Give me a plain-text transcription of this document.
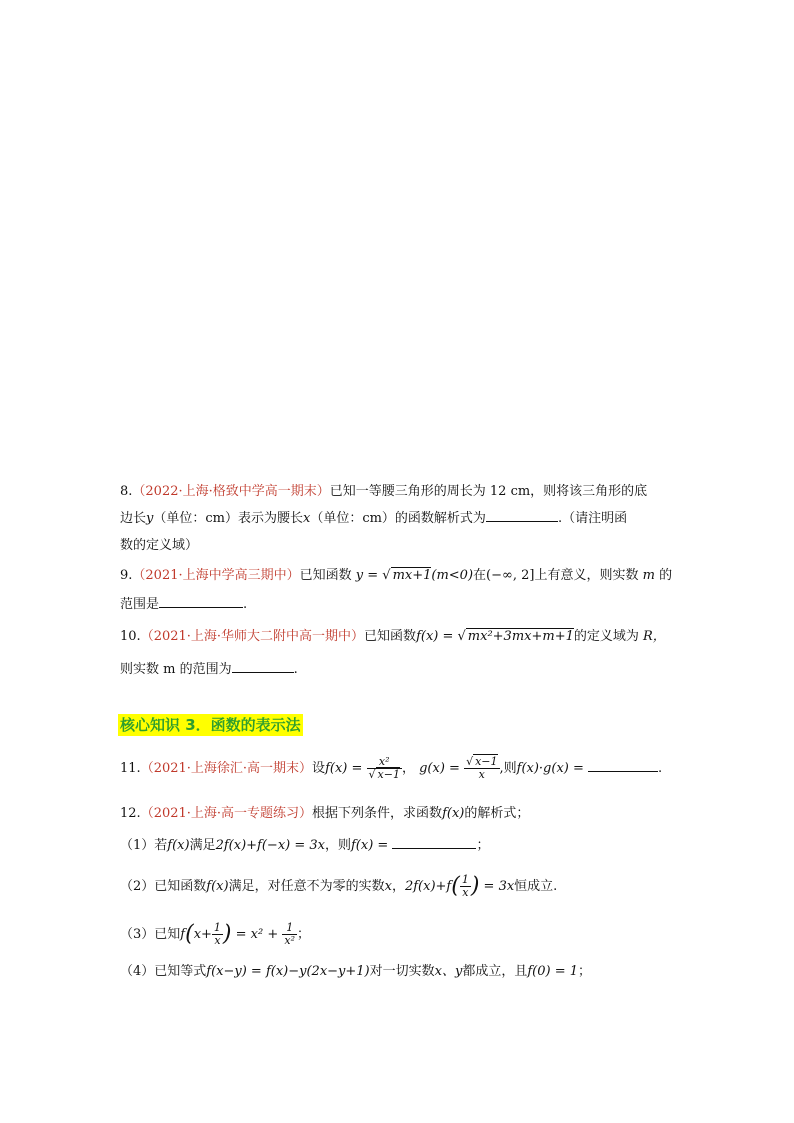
8.（2022·上海·格致中学高一期末）已知一等腰三角形的周长为 12 cm，则将该三角形的底
边长y（单位：cm）表示为腰长x（单位：cm）的函数解析式为	.（请注明函
数的定义域）
9.（2021·上海中学高三期中）已知函数 y = √ mx+1(m<0)在(−∞, 2]上有意义，则实数 m 的
范围是	.
10.（2021·上海·华师大二附中高一期中）已知函数f(x) = √ mx²+3mx+m+1的定义域为 R，
则实数 m 的范围为	.
核心知识 3．函数的表示法
11.（2021·上海徐汇·高一期末）设$f(x) = \frac{\text{x²}}{√ x-1}$ ， $g(x) = \frac{√ x-1}{x}$ ,则f(x)·g(x) =	.
12.（2021·上海·高一专题练习）根据下列条件，求函数f(x)的解析式；
（1）若f(x)满足2f(x)+f(−x) = 3x，则f(x) =	；
（2）已知函数f(x)满足，对任意不为零的实数x，$2f(x)+f( \frac{1}{x}$ ) = 3x恒成立.
（3）已知$f(x+ \frac{1}{x}$ ) = $x^2 + \frac{1}{\text{x²}}$ ；
（4）已知等式f(x−y) = f(x)−y(2x−y+1)对一切实数x、y都成立，且f(0) = 1；
